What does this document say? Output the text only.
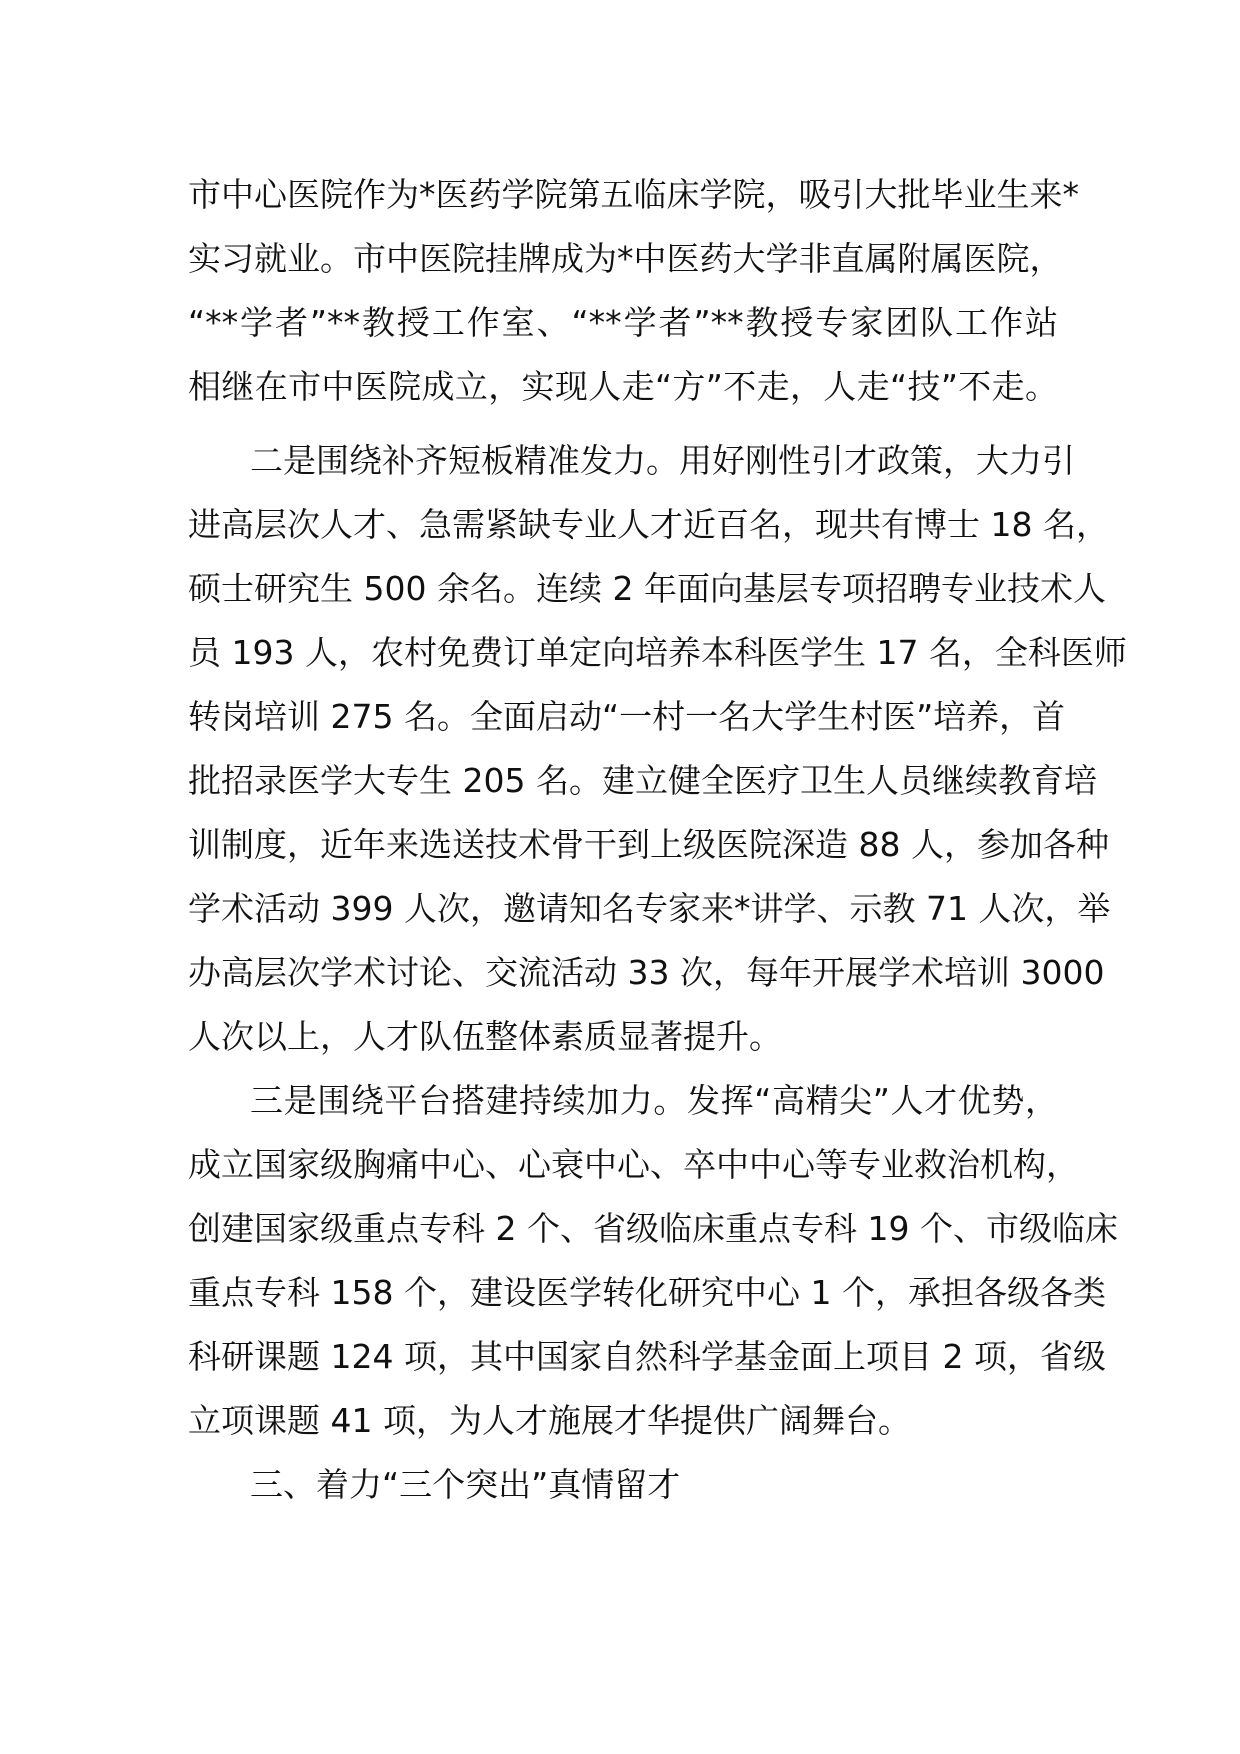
市中心医院作为*医药学院第五临床学院，吸引大批毕业生来*
实习就业。市中医院挂牌成为*中医药大学非直属附属医院，
“**学者”**教授工作室、“**学者”**教授专家团队工作站
相继在市中医院成立，实现人走“方”不走，人走“技”不走。
二是围绕补齐短板精准发力。用好刚性引才政策，大力引
进高层次人才、急需紧缺专业人才近百名，现共有博士 18 名，
硕士研究生 500 余名。连续 2 年面向基层专项招聘专业技术人
员 193 人，农村免费订单定向培养本科医学生 17 名，全科医师
转岗培训 275 名。全面启动“一村一名大学生村医”培养，首
批招录医学大专生 205 名。建立健全医疗卫生人员继续教育培
训制度，近年来选送技术骨干到上级医院深造 88 人，参加各种
学术活动 399 人次，邀请知名专家来*讲学、示教 71 人次，举
办高层次学术讨论、交流活动 33 次，每年开展学术培训 3000
人次以上，人才队伍整体素质显著提升。
三是围绕平台搭建持续加力。发挥“高精尖”人才优势，
成立国家级胸痛中心、心衰中心、卒中中心等专业救治机构，
创建国家级重点专科 2 个、省级临床重点专科 19 个、市级临床
重点专科 158 个，建设医学转化研究中心 1 个，承担各级各类
科研课题 124 项，其中国家自然科学基金面上项目 2 项，省级
立项课题 41 项，为人才施展才华提供广阔舞台。
三、着力“三个突出”真情留才
